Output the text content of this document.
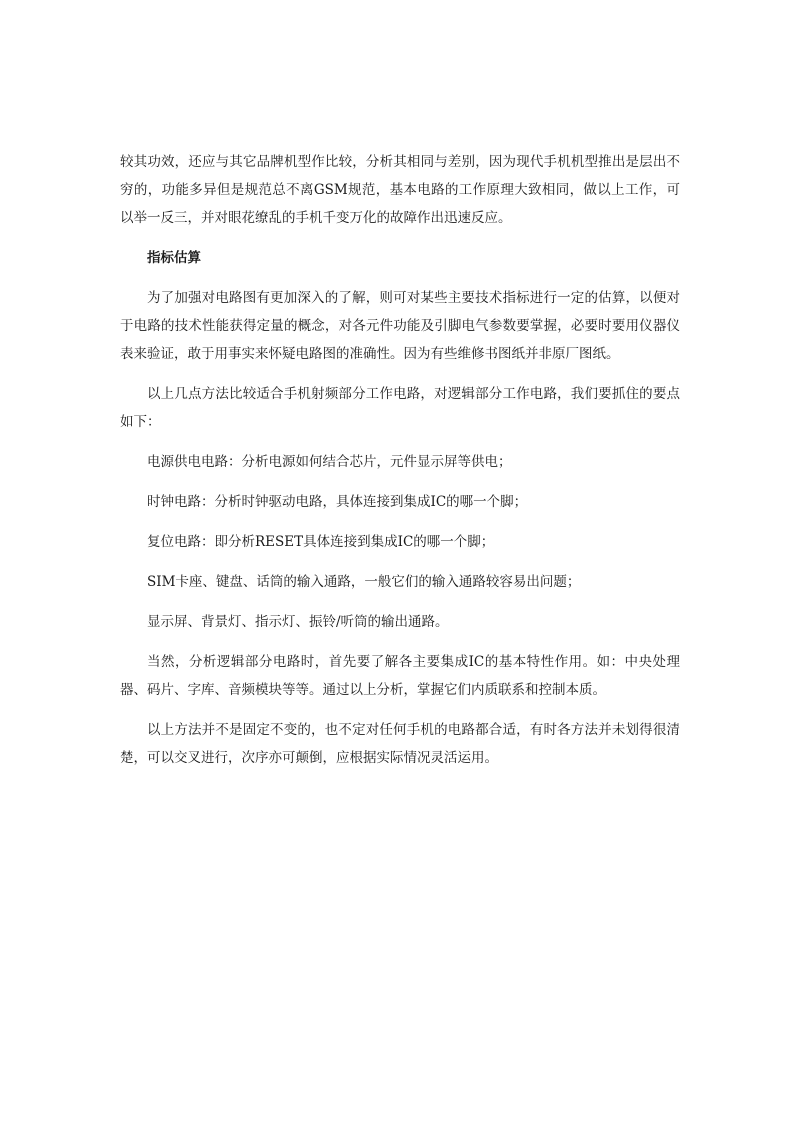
较其功效，还应与其它品牌机型作比较，分析其相同与差别，因为现代手机机型推出是层出不穷的，功能多异但是规范总不离GSM规范，基本电路的工作原理大致相同，做以上工作，可以举一反三，并对眼花缭乱的手机千变万化的故障作出迅速反应。

指标估算

为了加强对电路图有更加深入的了解，则可对某些主要技术指标进行一定的估算，以便对于电路的技术性能获得定量的概念，对各元件功能及引脚电气参数要掌握，必要时要用仪器仪表来验证，敢于用事实来怀疑电路图的准确性。因为有些维修书图纸并非原厂图纸。

以上几点方法比较适合手机射频部分工作电路，对逻辑部分工作电路，我们要抓住的要点如下：

电源供电电路：分析电源如何结合芯片，元件显示屏等供电；

时钟电路：分析时钟驱动电路，具体连接到集成IC的哪一个脚；

复位电路：即分析RESET具体连接到集成IC的哪一个脚；

SIM卡座、键盘、话筒的输入通路，一般它们的输入通路较容易出问题；

显示屏、背景灯、指示灯、振铃/听筒的输出通路。

当然，分析逻辑部分电路时，首先要了解各主要集成IC的基本特性作用。如：中央处理器、码片、字库、音频模块等等。通过以上分析，掌握它们内质联系和控制本质。

以上方法并不是固定不变的，也不定对任何手机的电路都合适，有时各方法并未划得很清楚，可以交叉进行，次序亦可颠倒，应根据实际情况灵活运用。
